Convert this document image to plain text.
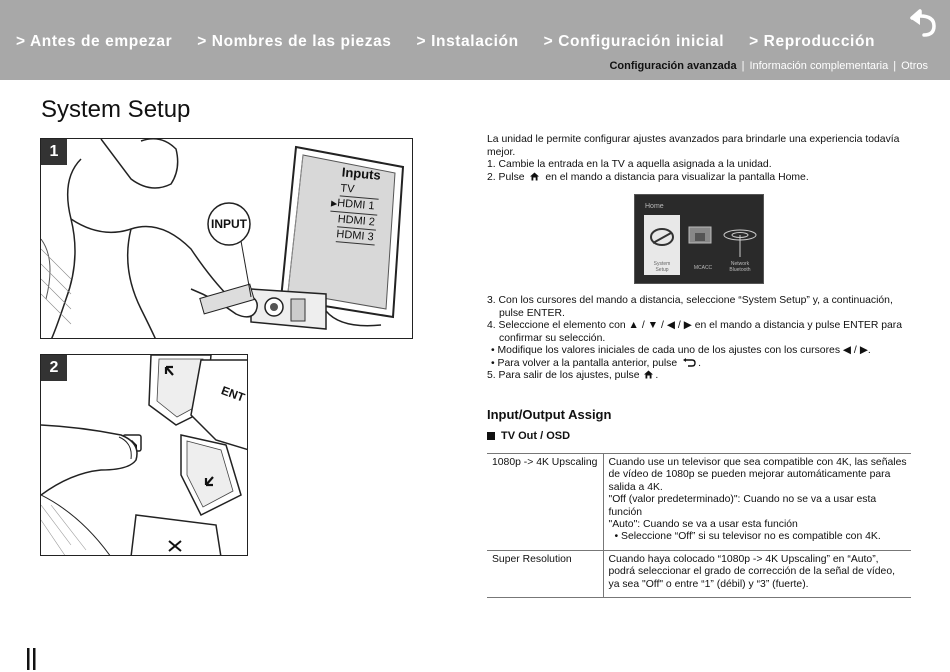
> Antes de empezar > Nombres de las piezas > Instalación > Configuración inicial > Reproducción
Configuración avanzada | Información complementaria | Otros
System Setup
1
INPUT
Inputs
TV
▶HDMI 1
HDMI 2
HDMI 3
2
ENT

La unidad le permite configurar ajustes avanzados para brindarle una experiencia todavía mejor.

1. Cambie la entrada en la TV a aquella asignada a la unidad.

2. Pulse en el mando a distancia para visualizar la pantalla Home.

3. Con los cursores del mando a distancia, seleccione “System Setup” y, a continuación,

pulse ENTER.

4. Seleccione el elemento con ▲ / ▼ / ◀ / ▶ en el mando a distancia y pulse ENTER para

confirmar su selección.

• Modifique los valores iniciales de cada uno de los ajustes con los cursores ◀ / ▶.

• Para volver a la pantalla anterior, pulse .

5. Para salir de los ajustes, pulse .

Home
System Setup	MCACC
Network Bluetooth
Input/Output Assign
TV Out / OSD
1080p -> 4K Upscaling	Cuando use un televisor que sea compatible con 4K, las señales de vídeo de 1080p se pueden mejorar automáticamente para salida a 4K.
"Off (valor predeterminado)": Cuando no se va a usar esta función
"Auto": Cuando se va a usar esta función
• Seleccione “Off” si su televisor no es compatible con 4K.

Super Resolution	Cuando haya colocado “1080p -> 4K Upscaling” en “Auto”, podrá seleccionar el grado de corrección de la señal de vídeo, ya sea "Off" o entre “1” (débil) y “3” (fuerte).
